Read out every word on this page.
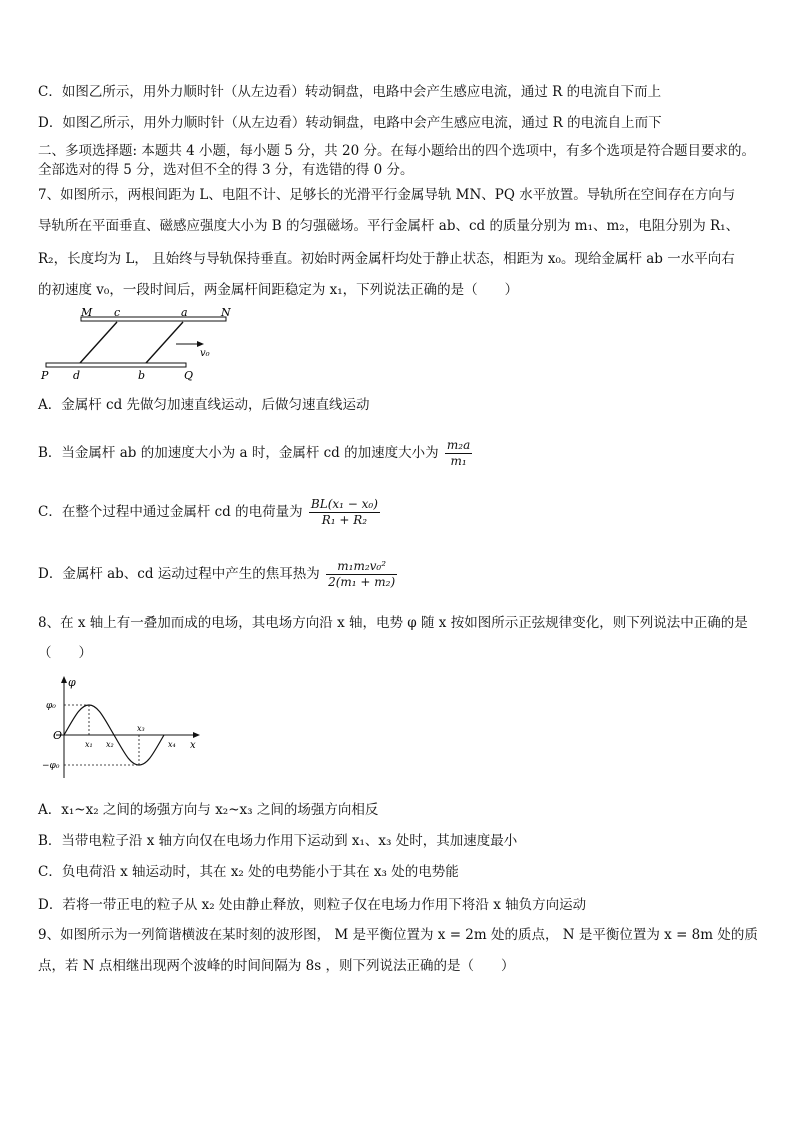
C．如图乙所示，用外力顺时针（从左边看）转动铜盘，电路中会产生感应电流，通过 R 的电流自下而上
D．如图乙所示，用外力顺时针（从左边看）转动铜盘，电路中会产生感应电流，通过 R 的电流自上而下
二、多项选择题: 本题共 4 小题，每小题 5 分，共 20 分。在每小题给出的四个选项中，有多个选项是符合题目要求的。
全部选对的得 5 分，选对但不全的得 3 分，有选错的得 0 分。
7、如图所示，两根间距为 L、电阻不计、足够长的光滑平行金属导轨 MN、PQ 水平放置。导轨所在空间存在方向与
导轨所在平面垂直、磁感应强度大小为 B 的匀强磁场。平行金属杆 ab、cd 的质量分别为 m₁、m₂，电阻分别为 R₁、
R₂，长度均为 L， 且始终与导轨保持垂直。初始时两金属杆均处于静止状态，相距为 x₀。现给金属杆 ab 一水平向右
的初速度 v₀，一段时间后，两金属杆间距稳定为 x₁，下列说法正确的是（　　）
M c	a	N
v₀
P d	b	Q
A．金属杆 cd 先做匀加速直线运动，后做匀速直线运动
B．当金属杆 ab 的加速度大小为 a 时，金属杆 cd 的加速度大小为 $\frac{\text{m₂a}}{\text{m₁}}$
C．在整个过程中通过金属杆 cd 的电荷量为 $\frac{\text{BL(x₁ − x₀)}}{\text{R₁ + R₂}}$
D．金属杆 ab、cd 运动过程中产生的焦耳热为 $\frac{\text{m₁m₂v₀²}}{\text{2(m₁ + m₂)}}$
8、在 x 轴上有一叠加而成的电场，其电场方向沿 x 轴，电势 φ 随 x 按如图所示正弦规律变化，则下列说法中正确的是
（　　）
φ
φ₀
−φ₀
O
x₁ x₂
x₃
x₄ x
A．x₁~x₂ 之间的场强方向与 x₂~x₃ 之间的场强方向相反
B．当带电粒子沿 x 轴方向仅在电场力作用下运动到 x₁、x₃ 处时，其加速度最小
C．负电荷沿 x 轴运动时，其在 x₂ 处的电势能小于其在 x₃ 处的电势能
D．若将一带正电的粒子从 x₂ 处由静止释放，则粒子仅在电场力作用下将沿 x 轴负方向运动
9、如图所示为一列简谐横波在某时刻的波形图， M 是平衡位置为 x = 2m 处的质点， N 是平衡位置为 x = 8m 处的质
点，若 N 点相继出现两个波峰的时间间隔为 8s ，则下列说法正确的是（　　）
